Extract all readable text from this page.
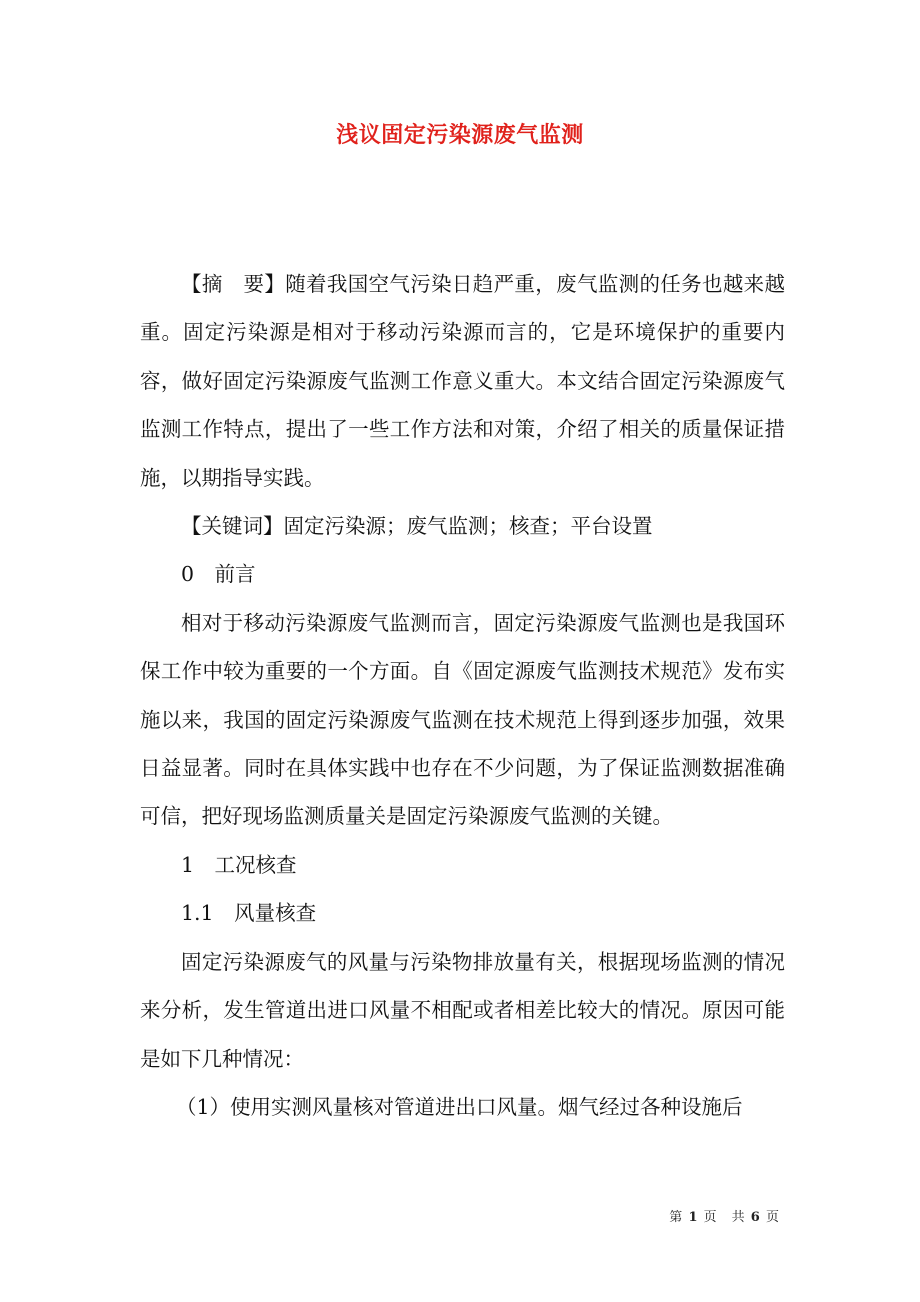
浅议固定污染源废气监测

【摘　要】随着我国空气污染日趋严重，废气监测的任务也越来越重。固定污染源是相对于移动污染源而言的，它是环境保护的重要内容，做好固定污染源废气监测工作意义重大。本文结合固定污染源废气监测工作特点，提出了一些工作方法和对策，介绍了相关的质量保证措施，以期指导实践。

【关键词】固定污染源；废气监测；核查；平台设置

0　前言

相对于移动污染源废气监测而言，固定污染源废气监测也是我国环保工作中较为重要的一个方面。自《固定源废气监测技术规范》发布实施以来，我国的固定污染源废气监测在技术规范上得到逐步加强，效果日益显著。同时在具体实践中也存在不少问题，为了保证监测数据准确可信，把好现场监测质量关是固定污染源废气监测的关键。

1　工况核查

1.1　风量核查

固定污染源废气的风量与污染物排放量有关，根据现场监测的情况来分析，发生管道出进口风量不相配或者相差比较大的情况。原因可能是如下几种情况：

（1）使用实测风量核对管道进出口风量。烟气经过各种设施后

第 1 页　共 6 页
